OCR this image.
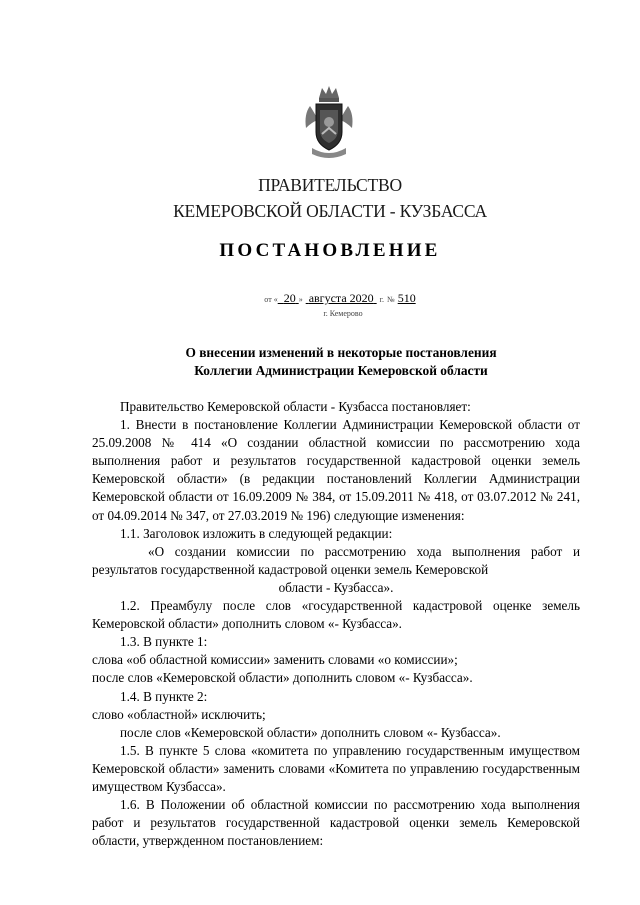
ПРАВИТЕЛЬСТВО
КЕМЕРОВСКОЙ ОБЛАСТИ - КУЗБАССА
ПОСТАНОВЛЕНИЕ
от « 20 » августа 2020 г. № 510
г. Кемерово
О внесении изменений в некоторые постановления
Коллегии Администрации Кемеровской области

Правительство Кемеровской области - Кузбасса постановляет:

1. Внести в постановление Коллегии Администрации Кемеровской области от 25.09.2008 № 414 «О создании областной комиссии по рассмотрению хода выполнения работ и результатов государственной кадастровой оценки земель Кемеровской области» (в редакции постановлений Коллегии Администрации Кемеровской области от 16.09.2009 № 384, от 15.09.2011 № 418, от 03.07.2012 № 241, от 04.09.2014 № 347, от 27.03.2019 № 196) следующие изменения:

1.1. Заголовок изложить в следующей редакции:

«О создании комиссии по рассмотрению хода выполнения работ и результатов государственной кадастровой оценки земель Кемеровской

области - Кузбасса».

1.2. Преамбулу после слов «государственной кадастровой оценке земель Кемеровской области» дополнить словом «- Кузбасса».

1.3. В пункте 1:

слова «об областной комиссии» заменить словами «о комиссии»;

после слов «Кемеровской области» дополнить словом «- Кузбасса».

1.4. В пункте 2:

слово «областной» исключить;

после слов «Кемеровской области» дополнить словом «- Кузбасса».

1.5. В пункте 5 слова «комитета по управлению государственным имуществом Кемеровской области» заменить словами «Комитета по управлению государственным имуществом Кузбасса».

1.6. В Положении об областной комиссии по рассмотрению хода выполнения работ и результатов государственной кадастровой оценки земель Кемеровской области, утвержденном постановлением:
